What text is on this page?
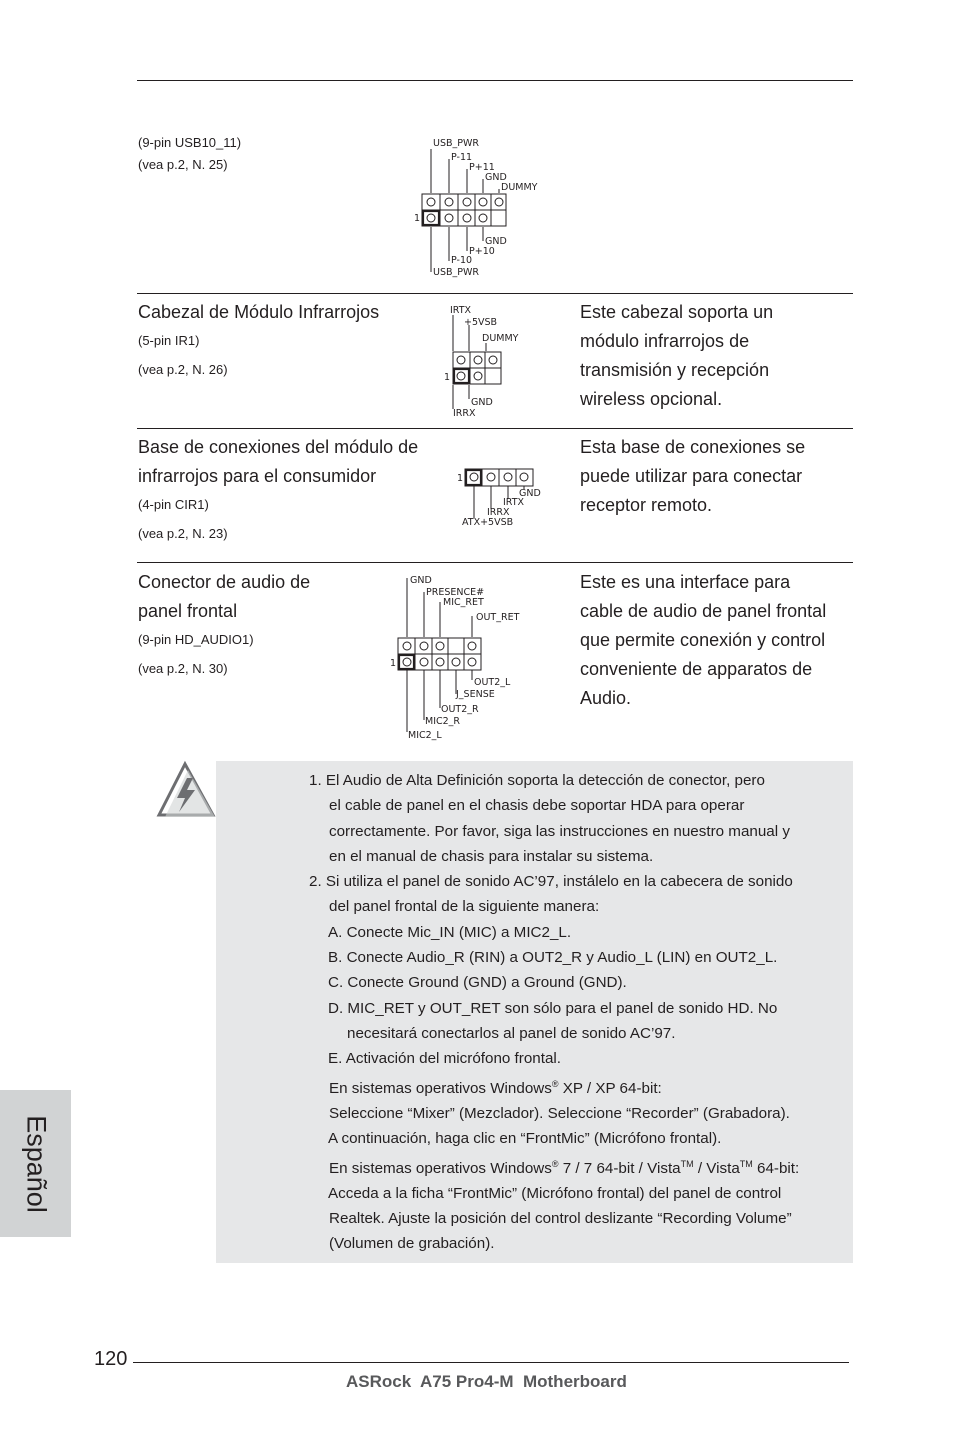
(9-pin USB10_11)
(vea p.2, N. 25)
USB_PWR
P-11
P+11
GND
DUMMY
GND
P+10
P-10
USB_PWR
1
Cabezal de Módulo Infrarrojos
(5-pin IR1)
(vea p.2, N. 26)
IRTX
+5VSB
DUMMY
GND
IRRX
1
Este cabezal soporta un
módulo infrarrojos de
transmisión y recepción
wireless opcional.
Base de conexiones del módulo de
infrarrojos para el consumidor
(4-pin CIR1)
(vea p.2, N. 23)
GND
IRTX
IRRX
ATX+5VSB
1
Esta base de conexiones se
puede utilizar para conectar
receptor remoto.
Conector de audio de
panel frontal
(9-pin HD_AUDIO1)
(vea p.2, N. 30)
GND
PRESENCE#
MIC_RET
OUT_RET
OUT2_L
J_SENSE
OUT2_R
MIC2_R
MIC2_L
1
Este es una interface para
cable de audio de panel frontal
que permite conexión y control
conveniente de apparatos de
Audio.

1. El Audio de Alta Definición soporta la detección de conector, pero

el cable de panel en el chasis debe soportar HDA para operar

correctamente. Por favor, siga las instrucciones en nuestro manual y

en el manual de chasis para instalar su sistema.

2. Si utiliza el panel de sonido AC’97, instálelo en la cabecera de sonido

del panel frontal de la siguiente manera:

A. Conecte Mic_IN (MIC) a MIC2_L.

B. Conecte Audio_R (RIN) a OUT2_R y Audio_L (LIN) en OUT2_L.

C. Conecte Ground (GND) a Ground (GND).

D. MIC_RET y OUT_RET son sólo para el panel de sonido HD. No

necesitará conectarlos al panel de sonido AC’97.

E. Activación del micrófono frontal.

En sistemas operativos Windows® XP / XP 64-bit:

Seleccione “Mixer” (Mezclador). Seleccione “Recorder” (Grabadora).

A continuación, haga clic en “FrontMic” (Micrófono frontal).

En sistemas operativos Windows® 7 / 7 64-bit / Vista™ / Vista™ 64-bit:

Acceda a la ficha “FrontMic” (Micrófono frontal) del panel de control

Realtek. Ajuste la posición del control deslizante “Recording Volume”

(Volumen de grabación).

Español
120
ASRock  A75 Pro4-M  Motherboard
